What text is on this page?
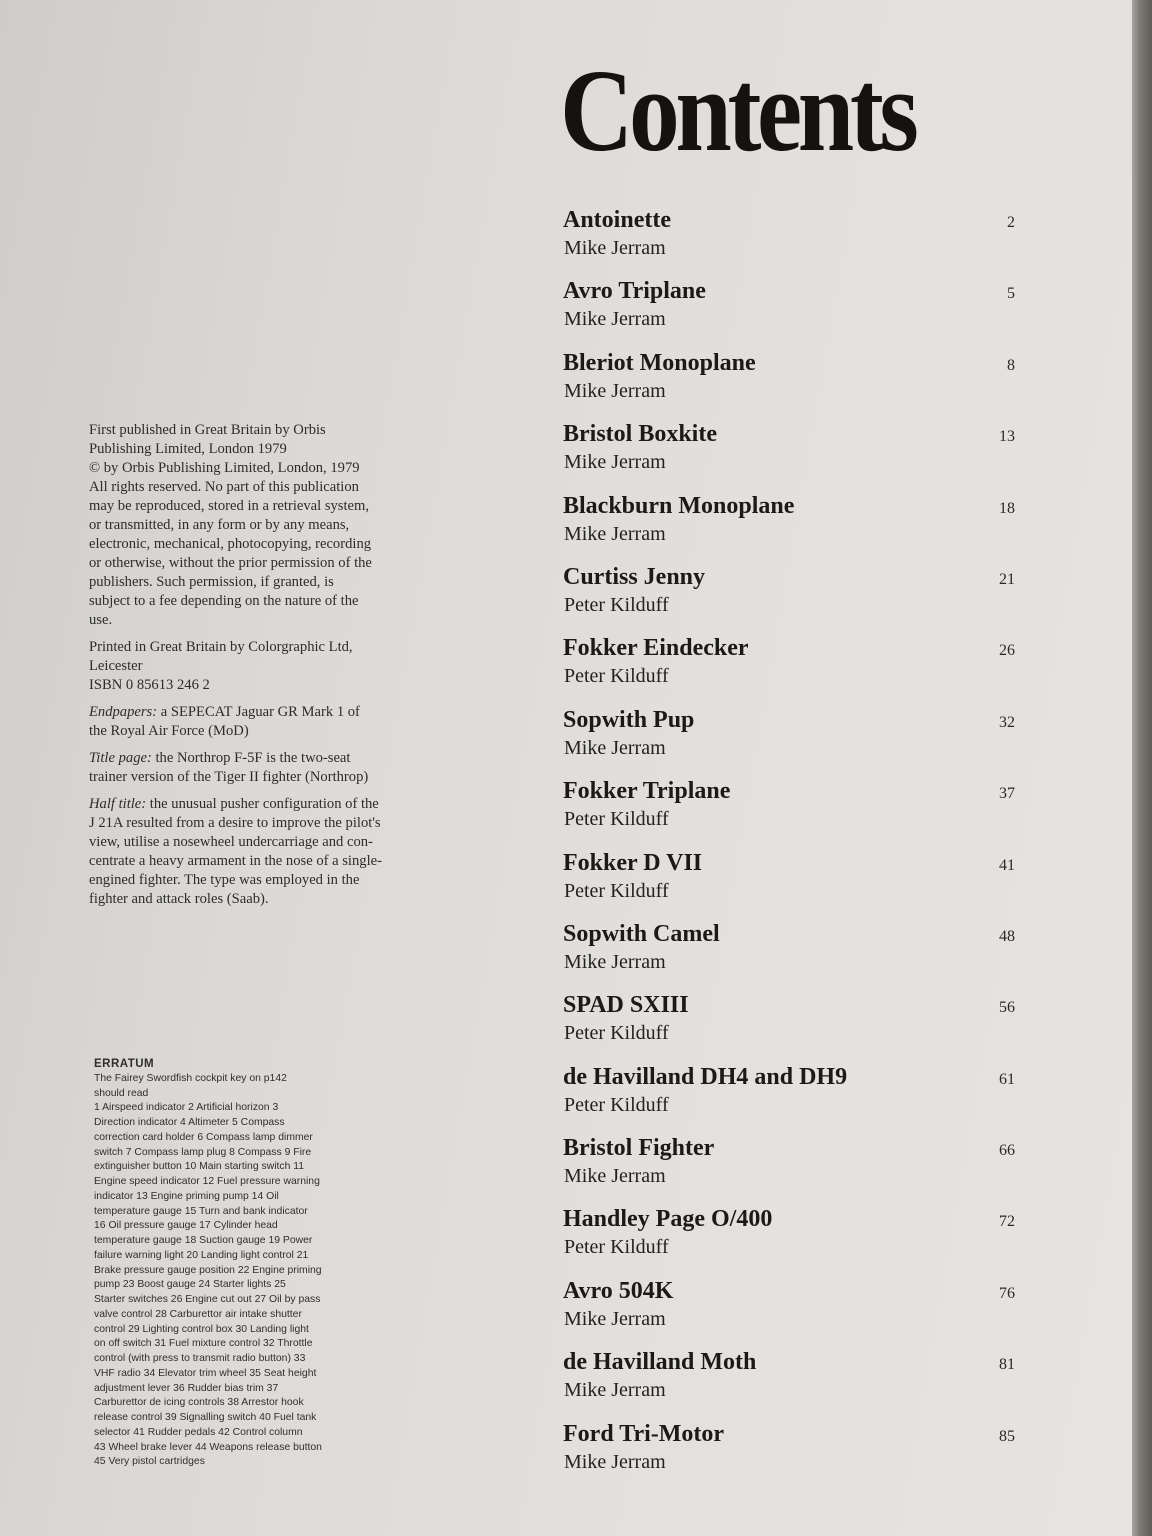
Contents
Antoinette
Mike Jerram
2
Avro Triplane
Mike Jerram
5
Bleriot Monoplane
Mike Jerram
8
Bristol Boxkite
Mike Jerram
13
Blackburn Monoplane
Mike Jerram
18
Curtiss Jenny
Peter Kilduff
21
Fokker Eindecker
Peter Kilduff
26
Sopwith Pup
Mike Jerram
32
Fokker Triplane
Peter Kilduff
37
Fokker D VII
Peter Kilduff
41
Sopwith Camel
Mike Jerram
48
SPAD SXIII
Peter Kilduff
56
de Havilland DH4 and DH9
Peter Kilduff
61
Bristol Fighter
Mike Jerram
66
Handley Page O/400
Peter Kilduff
72
Avro 504K
Mike Jerram
76
de Havilland Moth
Mike Jerram
81
Ford Tri-Motor
Mike Jerram
85

First published in Great Britain by Orbis
Publishing Limited, London 1979
© by Orbis Publishing Limited, London, 1979
All rights reserved. No part of this publication
may be reproduced, stored in a retrieval system,
or transmitted, in any form or by any means,
electronic, mechanical, photocopying, recording
or otherwise, without the prior permission of the
publishers. Such permission, if granted, is
subject to a fee depending on the nature of the
use.

Printed in Great Britain by Colorgraphic Ltd,
Leicester
ISBN 0 85613 246 2

Endpapers: a SEPECAT Jaguar GR Mark 1 of
the Royal Air Force (MoD)

Title page: the Northrop F-5F is the two-seat
trainer version of the Tiger II fighter (Northrop)

Half title: the unusual pusher configuration of the
J 21A resulted from a desire to improve the pilot's
view, utilise a nosewheel undercarriage and con-
centrate a heavy armament in the nose of a single-
engined fighter. The type was employed in the
fighter and attack roles (Saab).

ERRATUM
The Fairey Swordfish cockpit key on p142
should read
1 Airspeed indicator 2 Artificial horizon 3
Direction indicator 4 Altimeter 5 Compass
correction card holder 6 Compass lamp dimmer
switch 7 Compass lamp plug 8 Compass 9 Fire
extinguisher button 10 Main starting switch 11
Engine speed indicator 12 Fuel pressure warning
indicator 13 Engine priming pump 14 Oil
temperature gauge 15 Turn and bank indicator
16 Oil pressure gauge 17 Cylinder head
temperature gauge 18 Suction gauge 19 Power
failure warning light 20 Landing light control 21
Brake pressure gauge position 22 Engine priming
pump 23 Boost gauge 24 Starter lights 25
Starter switches 26 Engine cut out 27 Oil by pass
valve control 28 Carburettor air intake shutter
control 29 Lighting control box 30 Landing light
on off switch 31 Fuel mixture control 32 Throttle
control (with press to transmit radio button) 33
VHF radio 34 Elevator trim wheel 35 Seat height
adjustment lever 36 Rudder bias trim 37
Carburettor de icing controls 38 Arrestor hook
release control 39 Signalling switch 40 Fuel tank
selector 41 Rudder pedals 42 Control column
43 Wheel brake lever 44 Weapons release button
45 Very pistol cartridges
